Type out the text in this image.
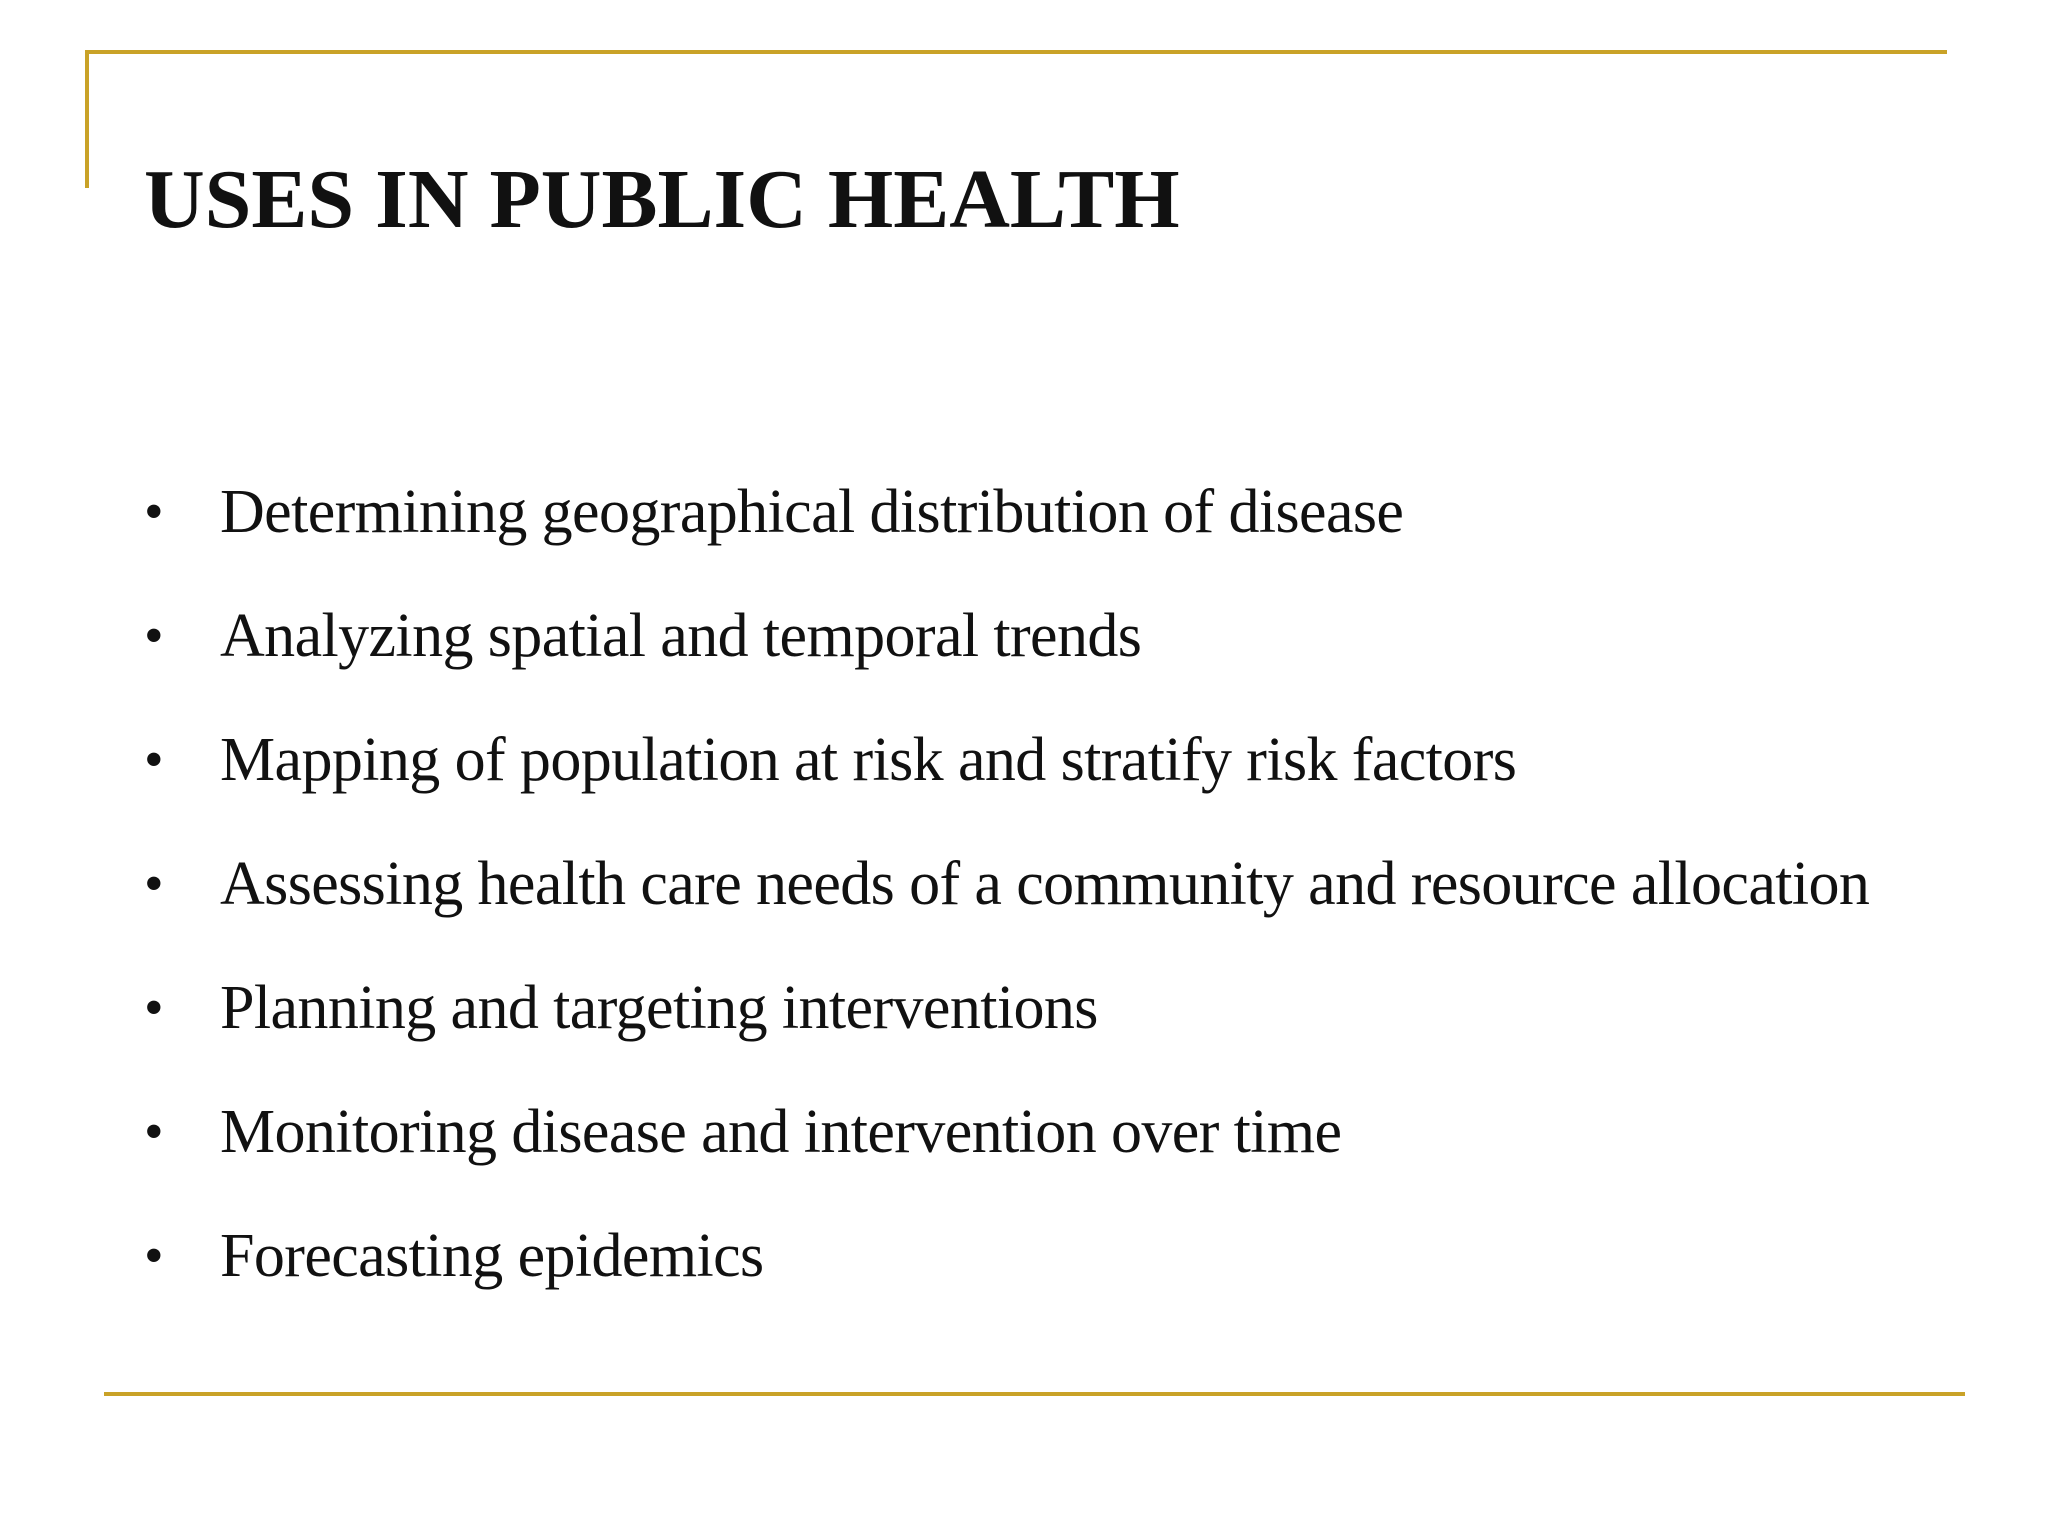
USES IN PUBLIC HEALTH
• Determining geographical distribution of disease
• Analyzing spatial and temporal trends
• Mapping of population at risk and stratify risk factors
• Assessing health care needs of a community and resource allocation
• Planning and targeting interventions
• Monitoring disease and intervention over time
• Forecasting epidemics
